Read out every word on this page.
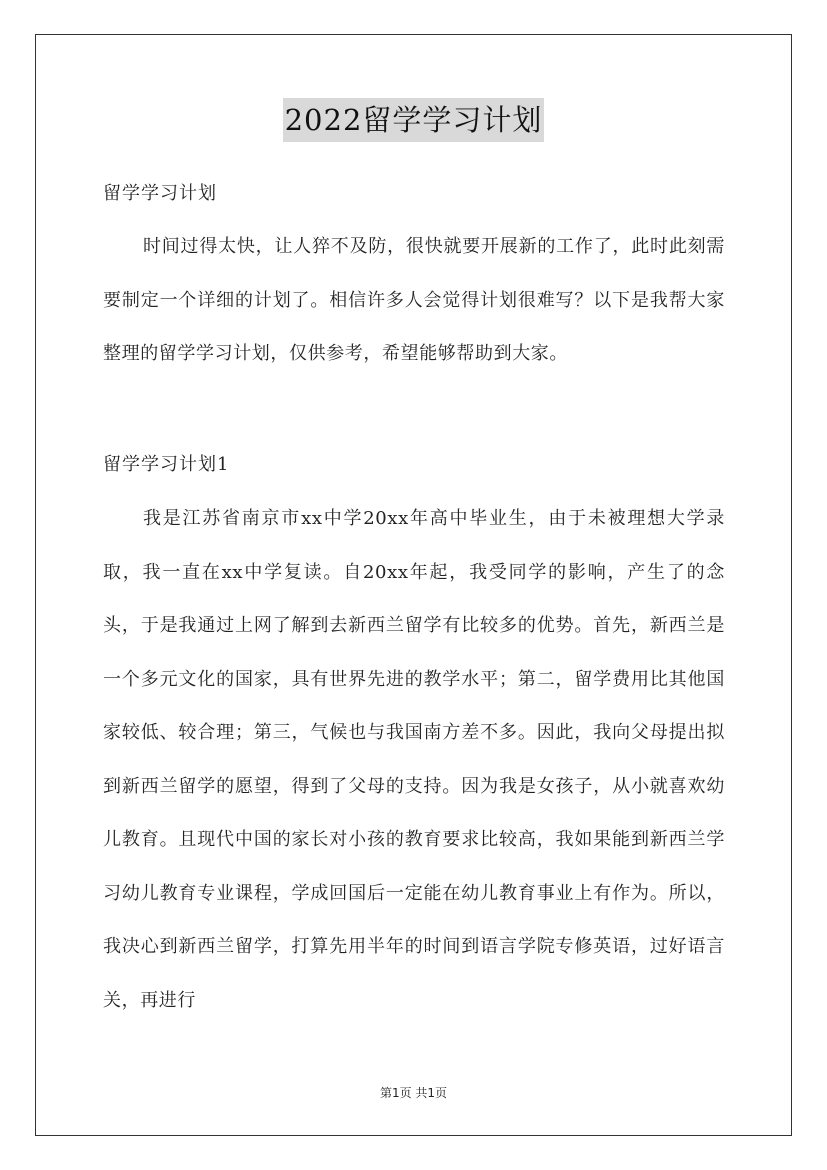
2022留学学习计划
留学学习计划
时间过得太快，让人猝不及防，很快就要开展新的工作了，此时此刻需要制定一个详细的计划了。相信许多人会觉得计划很难写？以下是我帮大家整理的留学学习计划，仅供参考，希望能够帮助到大家。
留学学习计划1
我是江苏省南京市xx中学20xx年高中毕业生，由于未被理想大学录取，我一直在xx中学复读。自20xx年起，我受同学的影响，产生了的念头，于是我通过上网了解到去新西兰留学有比较多的优势。首先，新西兰是一个多元文化的国家，具有世界先进的教学水平；第二，留学费用比其他国家较低、较合理；第三，气候也与我国南方差不多。因此，我向父母提出拟到新西兰留学的愿望，得到了父母的支持。因为我是女孩子，从小就喜欢幼儿教育。且现代中国的家长对小孩的教育要求比较高，我如果能到新西兰学习幼儿教育专业课程，学成回国后一定能在幼儿教育事业上有作为。所以，我决心到新西兰留学，打算先用半年的时间到语言学院专修英语，过好语言关，再进行
第1页 共1页
